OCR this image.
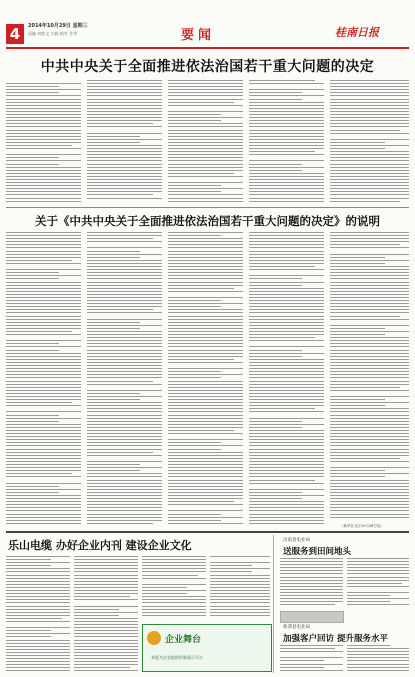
4	2014年10月29日 星期三
责编 何胜文 关毅 校对 甘华	要闻	桂南日报
中共中央关于全面推进依法治国若干重大问题的决定
关于《中共中央关于全面推进依法治国若干重大问题的决定》的说明
（新华社北京10月28日电）
乐山电缆 办好企业内刊 建设企业文化
企业舞台
本版为企业提供形象展示平台
汶南县电业局
送服务到田间地头
新恭县电业局
加强客户回访 提升服务水平
